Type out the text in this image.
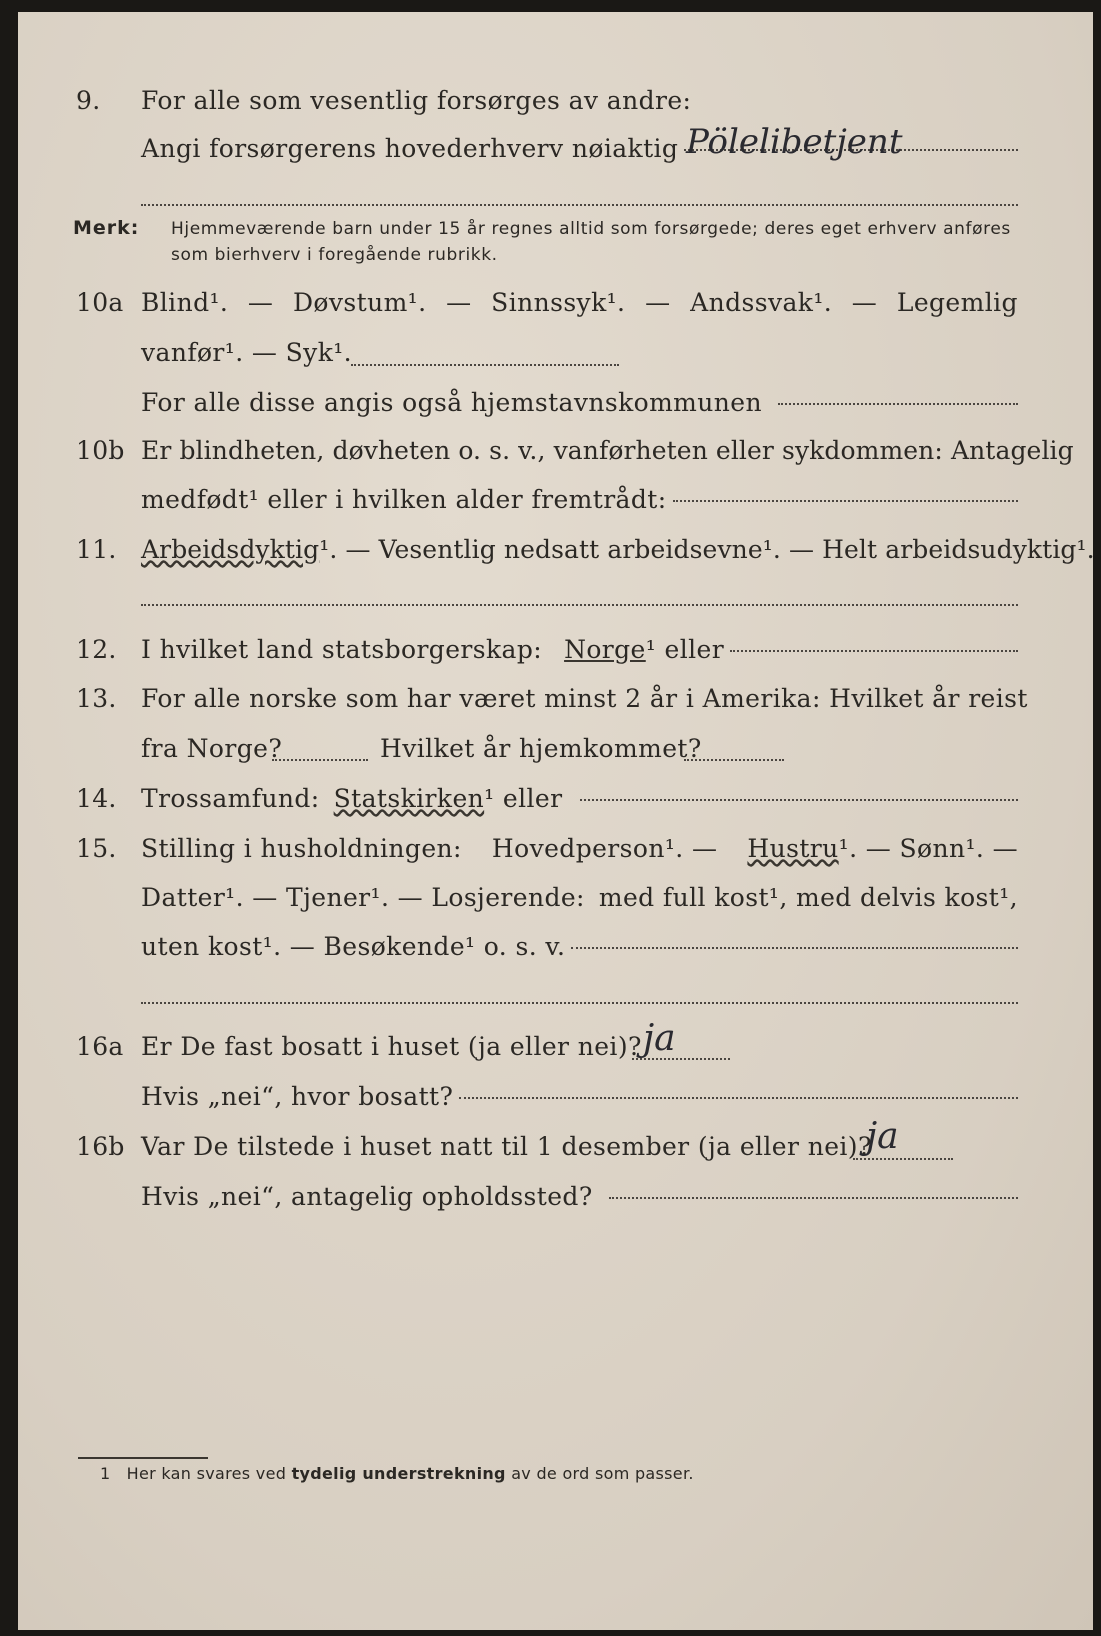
9. For alle som vesentlig forsørges av andre:
Angi forsørgerens hovederhverv nøiaktig Pölelibetjent
Merk: Hjemmeværende barn under 15 år regnes alltid som forsørgede; deres eget erhverv anføres som bierhverv i foregående rubrikk.
10a Blind¹. — Døvstum¹. — Sinnssyk¹. — Andssvak¹. — Legemlig
vanfør¹. — Syk¹.
For alle disse angis også hjemstavnskommunen
10b Er blindheten, døvheten o. s. v., vanførheten eller sykdommen: Antagelig
medfødt¹ eller i hvilken alder fremtrådt:
11. Arbeidsdyktig¹. — Vesentlig nedsatt arbeidsevne¹. — Helt arbeidsudyktig¹.
12. I hvilket land statsborgerskap: Norge ¹ eller
13. For alle norske som har været minst 2 år i Amerika: Hvilket år reist
fra Norge?	Hvilket år hjemkommet?
14. Trossamfund: Statskirken ¹ eller
15. Stilling i husholdningen: Hovedperson¹. — Hustru¹. — Sønn¹. —
Datter¹. — Tjener¹. — Losjerende: med full kost¹, med delvis kost¹,
uten kost¹. — Besøkende¹ o. s. v.
16a Er De fast bosatt i huset (ja eller nei)? ja
Hvis „nei“, hvor bosatt?
16b Var De tilstede i huset natt til 1 desember (ja eller nei)?
ja
Hvis „nei“, antagelig opholdssted?
1 Her kan svares ved tydelig understrekning av de ord som passer.
